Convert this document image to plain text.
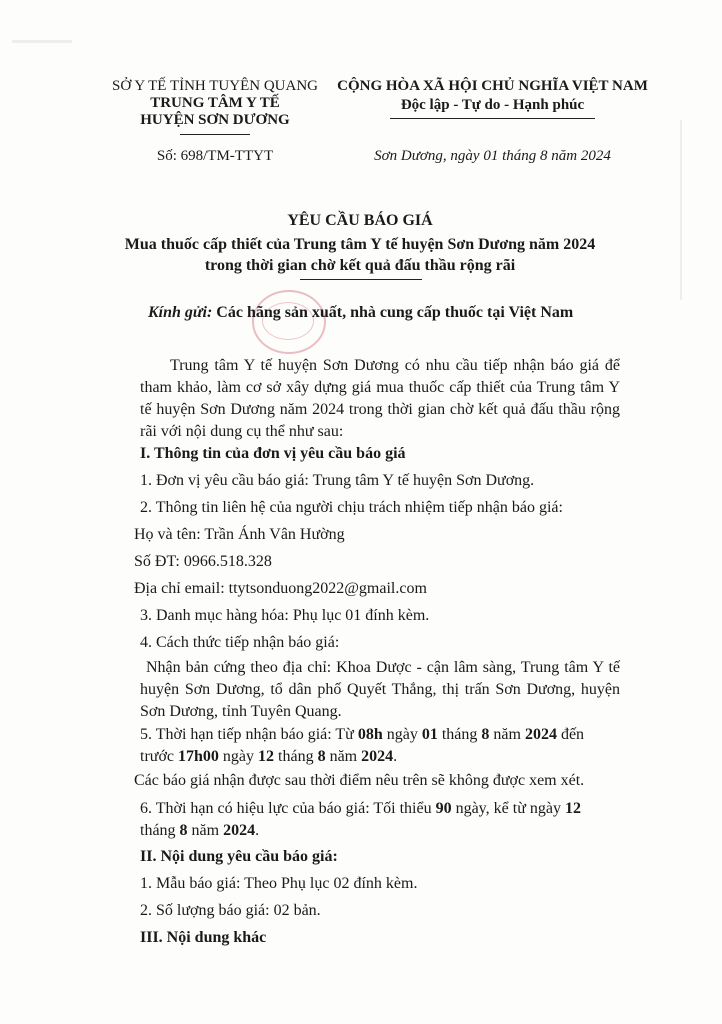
SỞ Y TẾ TỈNH TUYÊN QUANG
TRUNG TÂM Y TẾ
HUYỆN SƠN DƯƠNG
Số: 698/TM-TTYT
CỘNG HÒA XÃ HỘI CHỦ NGHĨA VIỆT NAM
Độc lập - Tự do - Hạnh phúc
Sơn Dương, ngày 01 tháng 8 năm 2024
YÊU CẦU BÁO GIÁ
Mua thuốc cấp thiết của Trung tâm Y tế huyện Sơn Dương năm 2024
trong thời gian chờ kết quả đấu thầu rộng rãi
Kính gửi: Các hãng sản xuất, nhà cung cấp thuốc tại Việt Nam
Trung tâm Y tế huyện Sơn Dương có nhu cầu tiếp nhận báo giá để tham khảo, làm cơ sở xây dựng giá mua thuốc cấp thiết của Trung tâm Y tế huyện Sơn Dương năm 2024 trong thời gian chờ kết quả đấu thầu rộng rãi với nội dung cụ thể như sau:
I. Thông tin của đơn vị yêu cầu báo giá
1. Đơn vị yêu cầu báo giá: Trung tâm Y tế huyện Sơn Dương.
2. Thông tin liên hệ của người chịu trách nhiệm tiếp nhận báo giá:
Họ và tên: Trần Ánh Vân Hường
Số ĐT: 0966.518.328
Địa chỉ email: ttytsonduong2022@gmail.com
3. Danh mục hàng hóa: Phụ lục 01 đính kèm.
4. Cách thức tiếp nhận báo giá:
Nhận bản cứng theo địa chỉ: Khoa Dược - cận lâm sàng, Trung tâm Y tế huyện Sơn Dương, tổ dân phố Quyết Thắng, thị trấn Sơn Dương, huyện Sơn Dương, tỉnh Tuyên Quang.
5. Thời hạn tiếp nhận báo giá: Từ 08h ngày 01 tháng 8 năm 2024 đến trước 17h00 ngày 12 tháng 8 năm 2024.
Các báo giá nhận được sau thời điểm nêu trên sẽ không được xem xét.
6. Thời hạn có hiệu lực của báo giá: Tối thiểu 90 ngày, kể từ ngày 12 tháng 8 năm 2024.
II. Nội dung yêu cầu báo giá:
1. Mẫu báo giá: Theo Phụ lục 02 đính kèm.
2. Số lượng báo giá: 02 bản.
III. Nội dung khác
